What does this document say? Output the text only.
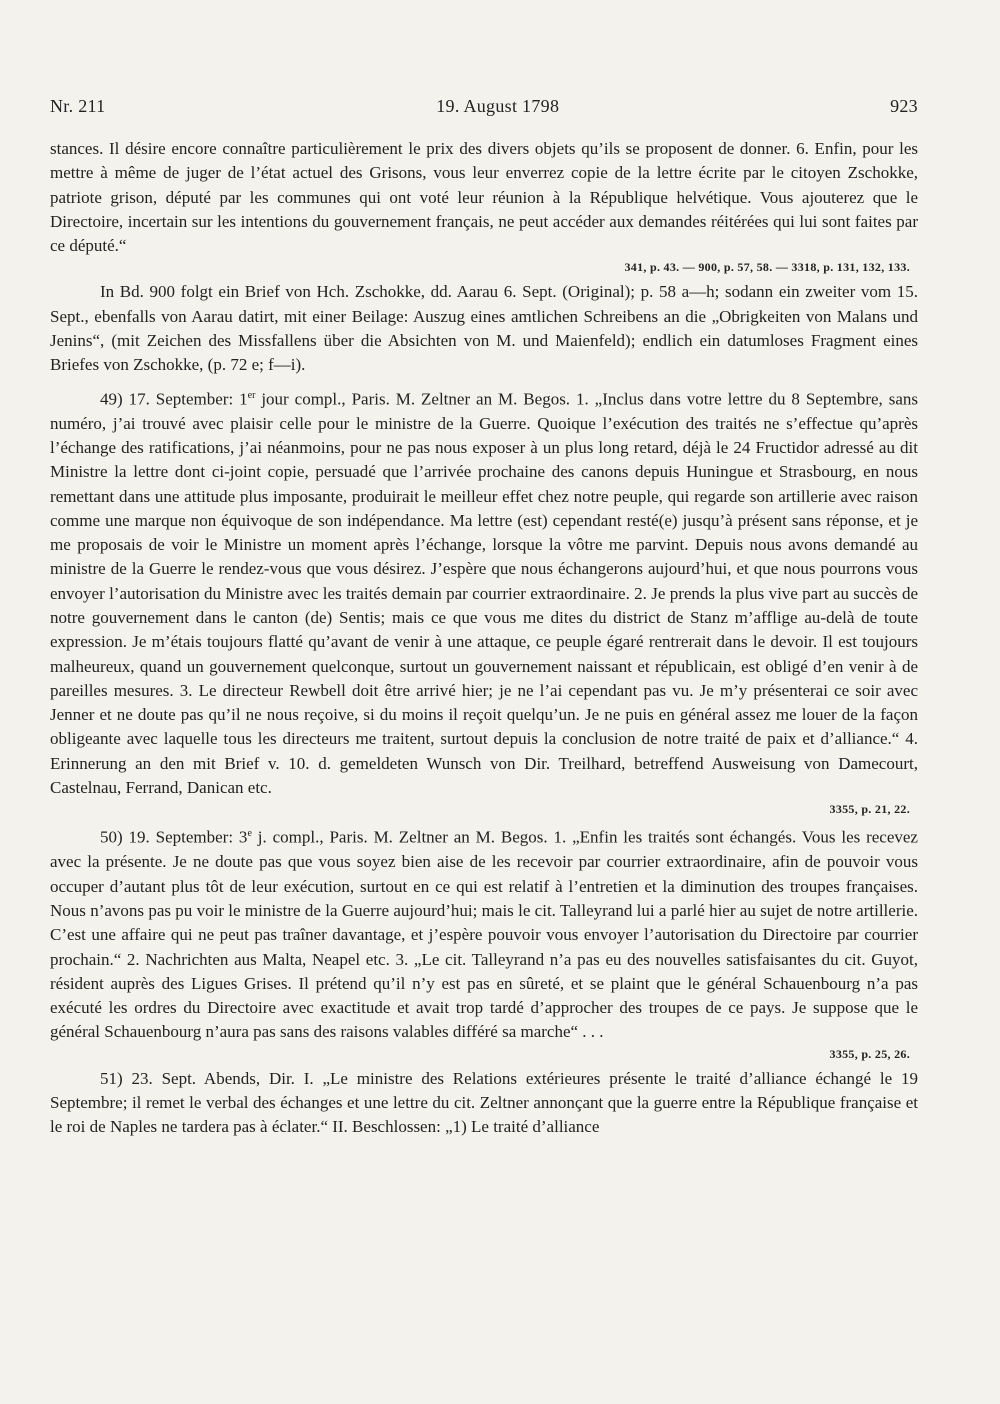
Nr. 211	19. August 1798	923

stances. Il désire encore connaître particulièrement le prix des divers objets qu’ils se proposent de donner. 6. Enfin, pour les mettre à même de juger de l’état actuel des Grisons, vous leur enverrez copie de la lettre écrite par le citoyen Zschokke, patriote grison, député par les communes qui ont voté leur réunion à la République helvétique. Vous ajouterez que le Directoire, incertain sur les intentions du gouvernement français, ne peut accéder aux demandes réitérées qui lui sont faites par ce député.“

341, p. 43. — 900, p. 57, 58. — 3318, p. 131, 132, 133.

In Bd. 900 folgt ein Brief von Hch. Zschokke, dd. Aarau 6. Sept. (Original); p. 58 a—h; sodann ein zweiter vom 15. Sept., ebenfalls von Aarau datirt, mit einer Beilage: Auszug eines amtlichen Schreibens an die „Obrigkeiten von Malans und Jenins“, (mit Zeichen des Missfallens über die Absichten von M. und Maienfeld); endlich ein datumloses Fragment eines Briefes von Zschokke, (p. 72 e; f—i).

49) 17. September: 1er jour compl., Paris. M. Zeltner an M. Begos. 1. „Inclus dans votre lettre du 8 Septembre, sans numéro, j’ai trouvé avec plaisir celle pour le ministre de la Guerre. Quoique l’exécution des traités ne s’effectue qu’après l’échange des ratifications, j’ai néanmoins, pour ne pas nous exposer à un plus long retard, déjà le 24 Fructidor adressé au dit Ministre la lettre dont ci-joint copie, persuadé que l’arrivée prochaine des canons depuis Huningue et Strasbourg, en nous remettant dans une attitude plus imposante, produirait le meilleur effet chez notre peuple, qui regarde son artillerie avec raison comme une marque non équivoque de son indépendance. Ma lettre (est) cependant resté(e) jusqu’à présent sans réponse, et je me proposais de voir le Ministre un moment après l’échange, lorsque la vôtre me parvint. Depuis nous avons demandé au ministre de la Guerre le rendez-vous que vous désirez. J’espère que nous échangerons aujourd’hui, et que nous pourrons vous envoyer l’autorisation du Ministre avec les traités demain par courrier extraordinaire. 2. Je prends la plus vive part au succès de notre gouvernement dans le canton (de) Sentis; mais ce que vous me dites du district de Stanz m’afflige au-delà de toute expression. Je m’étais toujours flatté qu’avant de venir à une attaque, ce peuple égaré rentrerait dans le devoir. Il est toujours malheureux, quand un gouvernement quelconque, surtout un gouvernement naissant et républicain, est obligé d’en venir à de pareilles mesures. 3. Le directeur Rewbell doit être arrivé hier; je ne l’ai cependant pas vu. Je m’y présenterai ce soir avec Jenner et ne doute pas qu’il ne nous reçoive, si du moins il reçoit quelqu’un. Je ne puis en général assez me louer de la façon obligeante avec laquelle tous les directeurs me traitent, surtout depuis la conclusion de notre traité de paix et d’alliance.“ 4. Erinnerung an den mit Brief v. 10. d. gemeldeten Wunsch von Dir. Treilhard, betreffend Ausweisung von Damecourt, Castelnau, Ferrand, Danican etc.

3355, p. 21, 22.

50) 19. September: 3e j. compl., Paris. M. Zeltner an M. Begos. 1. „Enfin les traités sont échangés. Vous les recevez avec la présente. Je ne doute pas que vous soyez bien aise de les recevoir par courrier extraordinaire, afin de pouvoir vous occuper d’autant plus tôt de leur exécution, surtout en ce qui est relatif à l’entretien et la diminution des troupes françaises. Nous n’avons pas pu voir le ministre de la Guerre aujourd’hui; mais le cit. Talleyrand lui a parlé hier au sujet de notre artillerie. C’est une affaire qui ne peut pas traîner davantage, et j’espère pouvoir vous envoyer l’autorisation du Directoire par courrier prochain.“ 2. Nachrichten aus Malta, Neapel etc. 3. „Le cit. Talleyrand n’a pas eu des nouvelles satisfaisantes du cit. Guyot, résident auprès des Ligues Grises. Il prétend qu’il n’y est pas en sûreté, et se plaint que le général Schauenbourg n’a pas exécuté les ordres du Directoire avec exactitude et avait trop tardé d’approcher des troupes de ce pays. Je suppose que le général Schauenbourg n’aura pas sans des raisons valables différé sa marche“ . . .

3355, p. 25, 26.

51) 23. Sept. Abends, Dir. I. „Le ministre des Relations extérieures présente le traité d’alliance échangé le 19 Septembre; il remet le verbal des échanges et une lettre du cit. Zeltner annonçant que la guerre entre la République française et le roi de Naples ne tardera pas à éclater.“ II. Beschlossen: „1) Le traité d’alliance
